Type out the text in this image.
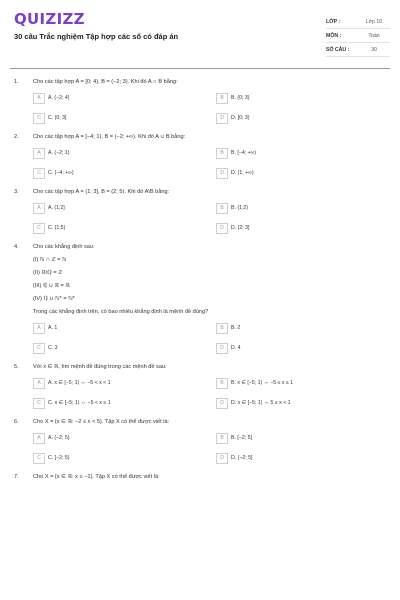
QUIZIZZ
30 câu Trắc nghiệm Tập hợp các số có đáp án
LỚP :	Lớp 10
MÔN :	Toán
SỐ CÂU :	30
1.	Cho các tập hợp A = [0; 4), B = (−2; 3). Khi đó A ∩ B bằng:
A	A. (−2; 4)	B	B. (0; 3)
C	C. (0; 3]	D	D. [0; 3)
2.	Cho các tập hợp A = [−4; 1), B = (−2; +∞). Khi đó A ∪ B bằng:
A	A. (−2; 1)	B	B. [−4; +∞)
C	C. (−4; +∞)	D	D. (1; +∞)
3.	Cho các tập hợp A = (1; 3], B = (2; 5). Khi đó A\B bằng:
A	A. (1;2]	B	B. (1;2)
C	C. (1;5)	D	D. (2; 3]
4.	Cho các khẳng định sau:
(I) ℕ ∩ ℤ = ℕ
(II) ℝ\ℚ = ℤ
(III) ℚ ∪ ℝ = ℝ
(IV) ℚ ∪ ℕ* = ℕ*
Trong các khẳng định trên, có bao nhiêu khẳng định là mệnh đề đúng?
A	A. 1	B	B. 2
C	C. 3	D	D. 4
5.	Với x ∈ ℝ, tìm mệnh đề đúng trong các mệnh đề sau:
A	A. x ∈ [−5; 1) ⇔ −5 < x < 1	B	B. x ∈ [−5; 1) ⇔ −5 ≤ x ≤ 1
C	C. x ∈ [−5; 1) ⇔ −5 < x ≤ 1	D	D. x ∈ [−5; 1) ⇔ 5 ≤ x < 1
6.	Cho X = {x ∈ ℝ: −2 ≤ x < 5}. Tập X có thể được viết là:
A	A. (−2; 5)	B	B. [−2; 5]
C	C. [−2; 5)	D	D. (−2; 5]
7.	Cho X = {x ∈ ℝ: x ≤ −1}. Tập X có thể được viết là:
